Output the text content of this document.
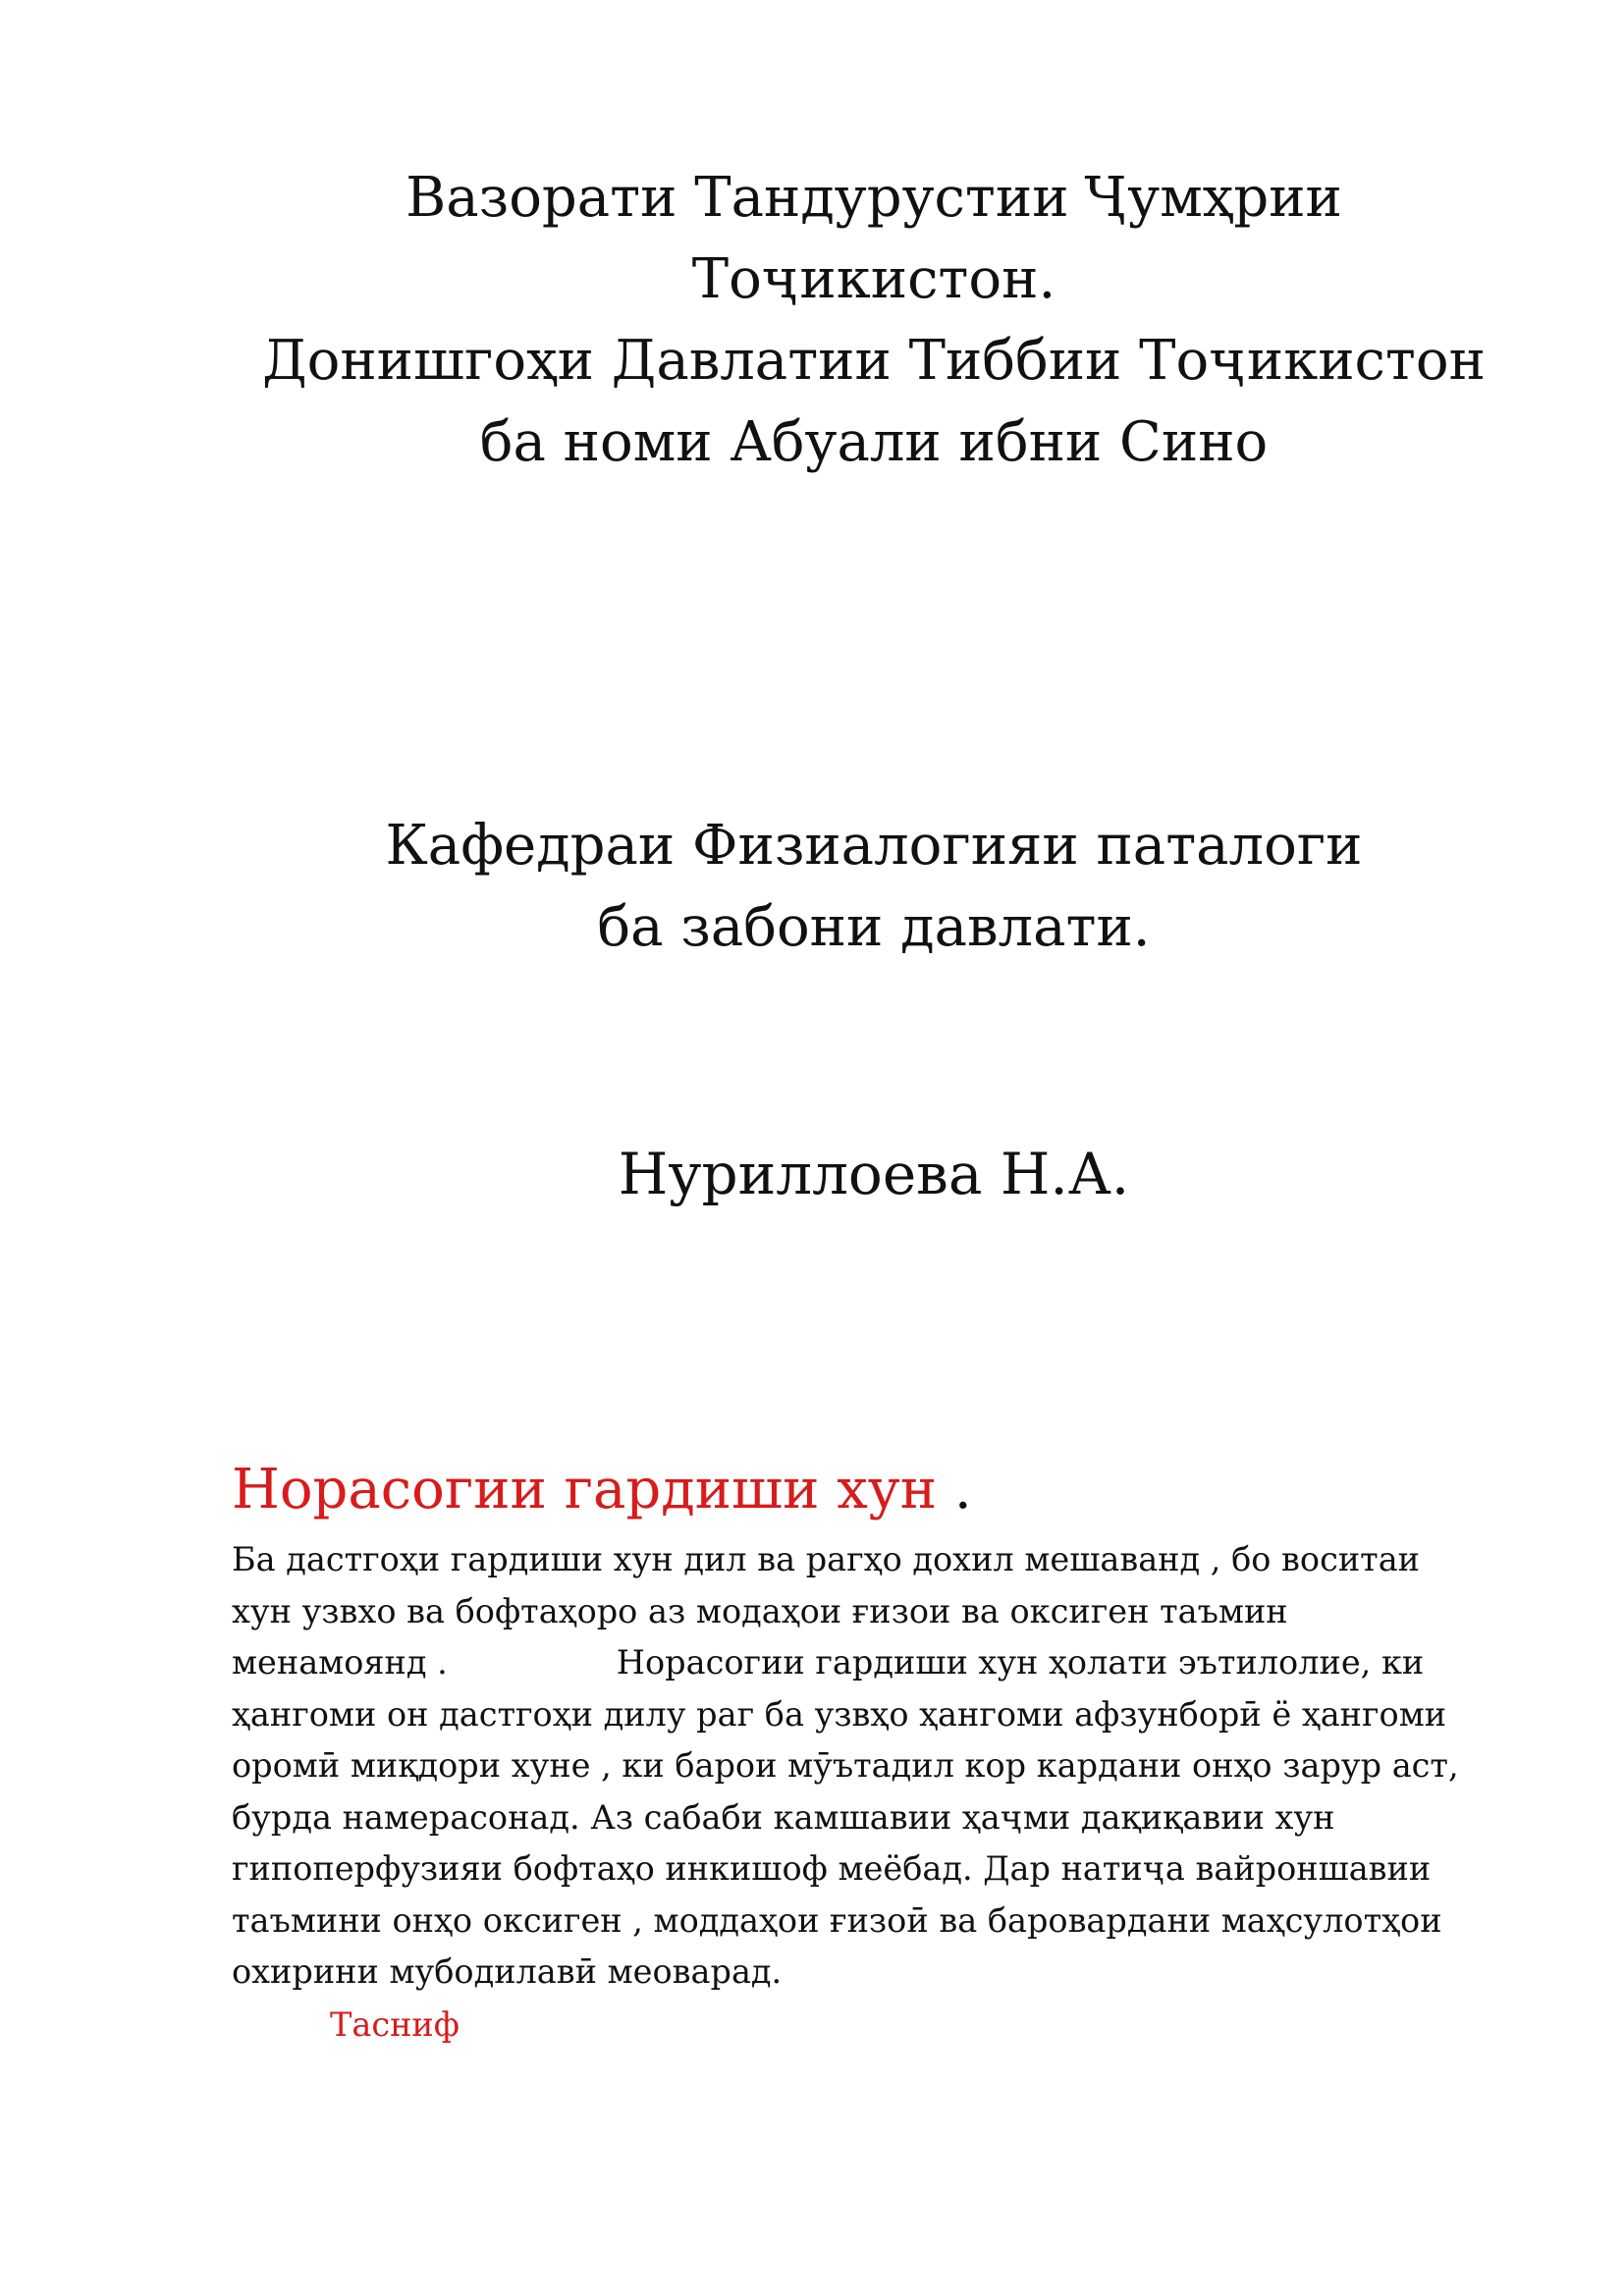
Вазорати Тандурустии Ҷумҳрии
Тоҷикистон.
Донишгоҳи Давлатии Тиббии Тоҷикистон
ба номи Абуали ибни Сино
Кафедраи Физиалогияи паталоги
ба забони давлати.
Нуриллоева Н.А.
Норасогии гардиши хун .
Ба дастгоҳи гардиши хун дил ва рагҳо дохил мешаванд , бо воситаи
хун узвхо ва бофтаҳоро аз модаҳои ғизои ва оксиген таъмин
менамоянд .	Норасогии гардиши хун ҳолати эътилолие, ки
ҳангоми он дастгоҳи дилу раг ба узвҳо ҳангоми афзунборӣ ё ҳангоми
оромӣ миқдори хуне , ки барои мӯътадил кор кардани онҳо зарур аст,
бурда намерасонад. Аз сабаби камшавии ҳаҷми дақиқавии хун
гипоперфузияи бофтаҳо инкишоф меёбад. Дар натиҷа вайроншавии
таъмини онҳо оксиген , моддаҳои ғизоӣ ва баровардани маҳсулотҳои
охирини мубодилавӣ меоварад.
Тасниф
